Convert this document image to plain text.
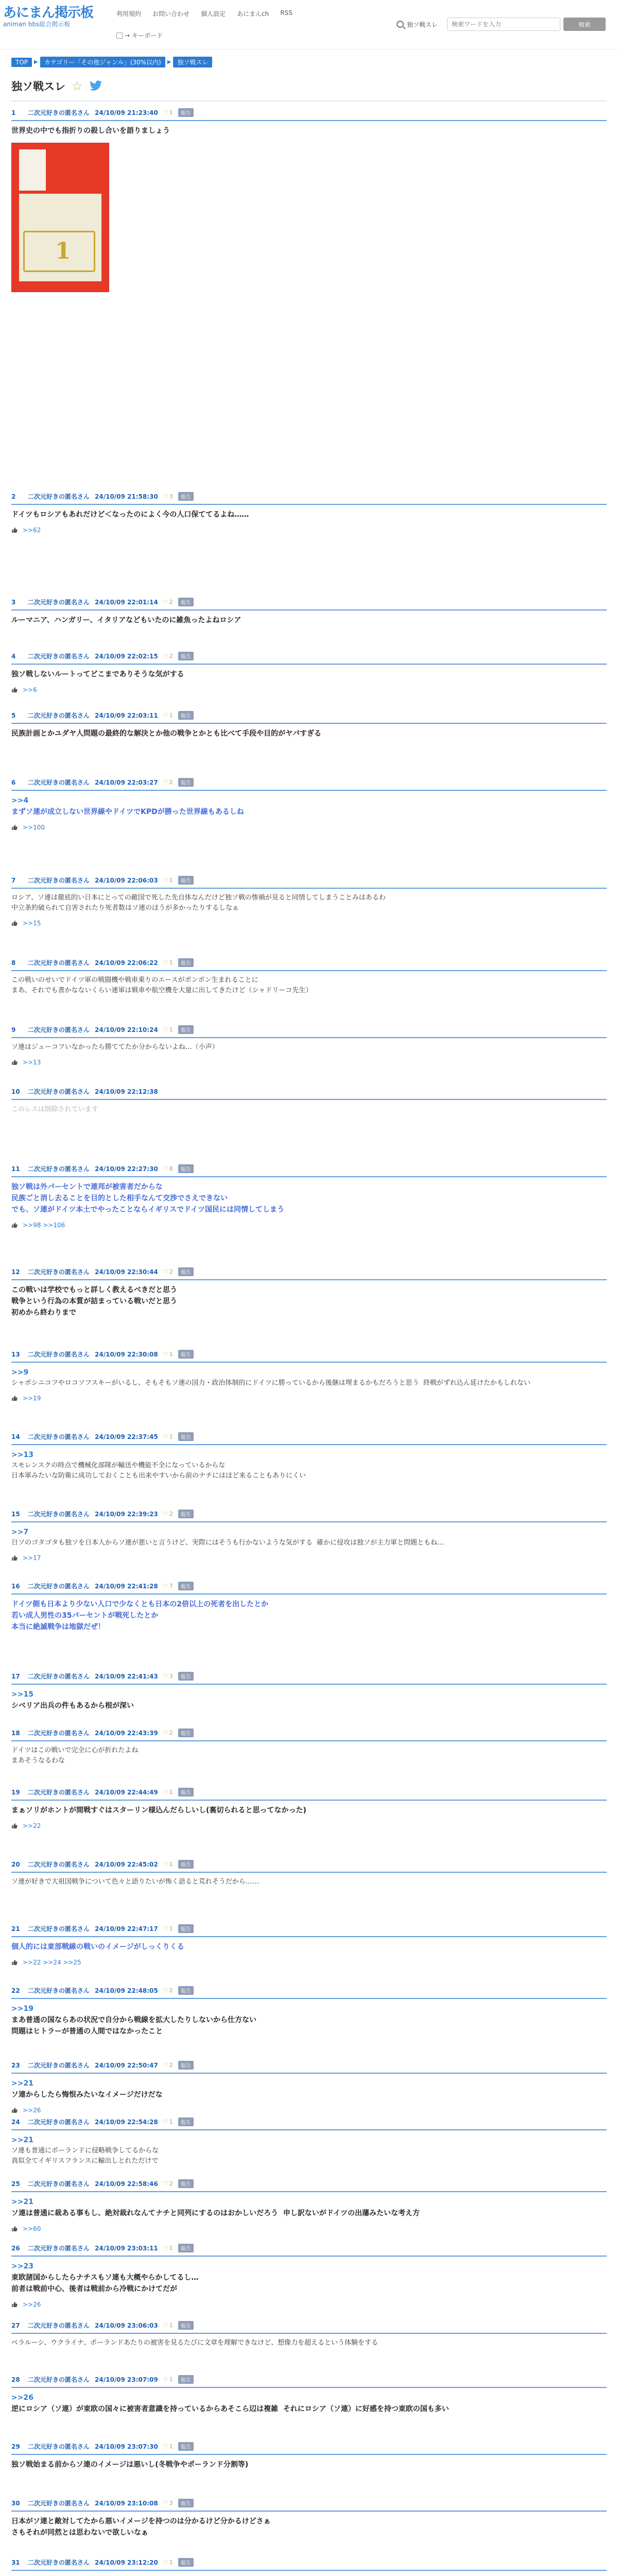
あにまん掲示板
animan bbs総合掲示板
利用規約 お問い合わせ 個人設定 あにまんch RSS
→ キーボード
独ソ戦スレ
検索ワードを入力	検索
TOP	▶	カテゴリー「その他ジャンル」(30%以内)	▶	独ソ戦スレ
独ソ戦スレ ☆
1	二次元好きの匿名さん 24/10/09 21:23:40 ♡ 1	報告
世界史の中でも指折りの殺し合いを語りましょう
1
2	二次元好きの匿名さん 24/10/09 21:58:30 ♡ 3	報告
ドイツもロシアもあれだけど＜なったのによく今の人口保ててるよね……
>>62
3	二次元好きの匿名さん 24/10/09 22:01:14 ♡ 2	報告
ルーマニア、ハンガリー、イタリアなどもいたのに雑魚ったよねロシア
4	二次元好きの匿名さん 24/10/09 22:02:15 ♡ 2	報告
独ソ戦しないルートってどこまでありそうな気がする
>>6
5	二次元好きの匿名さん 24/10/09 22:03:11 ♡ 1	報告
民族計画とかユダヤ人問題の最終的な解決とか他の戦争とかとも比べて手段や目的がヤバすぎる
6	二次元好きの匿名さん 24/10/09 22:03:27 ♡ 2	報告
>>4
まずソ連が成立しない世界線やドイツでKPDが勝った世界線もあるしね
>>100
7	二次元好きの匿名さん 24/10/09 22:06:03 ♡ 1	報告
ロシア、ソ連は徹底的い日本にとっての敵国で死した先自体なんだけど独ソ戦の惨禍が見ると同情してしまうことみはあるわ
中立条約破られて自害されたり死者数はソ連のほうが多かったりするしなぁ
>>15
8	二次元好きの匿名さん 24/10/09 22:06:22 ♡ 1	報告
この戦いのせいでドイツ軍の戦闘機や戦車乗りのエースがポンポン生まれることに
まあ、それでも書かなないくらい連軍は戦車や航空機を大量に出してきたけど（シャドリーコ先生）
9	二次元好きの匿名さん 24/10/09 22:10:24 ♡ 1	報告
ソ連はジューコフいなかったら勝ててたか分からないよね…（小声）
>>13
10	二次元好きの匿名さん 24/10/09 22:12:38
このレスは削除されています
11	二次元好きの匿名さん 24/10/09 22:27:30 ♡ 8	報告
独ソ戦は外パーセントで連邦が被害者だからな
民族ごと消し去ることを目的とした相手なんて交渉でさえできない
でも、ソ連がドイツ本土でやったことならイギリスでドイツ国民には同情してしまう
>>98 >>106
12	二次元好きの匿名さん 24/10/09 22:30:44 ♡ 2	報告
この戦いは学校でもっと詳しく教えるべきだと思う
戦争という行為の本質が詰まっている戦いだと思う
初めから終わりまで
13	二次元好きの匿名さん 24/10/09 22:30:08 ♡ 1	報告
>>9
シャポシニコフやロコソフスキーがいるし、そもそもソ連の国力・政治体制的にドイツに勝っているから後継は埋まるかもだろうと思う  終戦がずれ込ん延けたかもしれない
>>19
14	二次元好きの匿名さん 24/10/09 22:37:45 ♡ 1	報告
>>13
スモレンスクの時点で機械化部隊が輸送や機能不全になっているからな
日本軍みたいな防衛に成功しておくことも出来やすいから前のナチにはほど来ることもありにくい
15	二次元好きの匿名さん 24/10/09 22:39:23 ♡ 2	報告
>>7
日ソのゴタゴタも独ソを日本人からソ連が悪いと言うけど、実際にはそうも行かないような気がする  確かに侵攻は独ソが主力軍と問題ともね…
>>17
16	二次元好きの匿名さん 24/10/09 22:41:28 ♡ 7	報告
ドイツ側も日本より少ない人口で少なくとも日本の2倍以上の死者を出したとか
若い成人男性の35パーセントが戦死したとか
本当に絶滅戦争は地獄だぜ！
17	二次元好きの匿名さん 24/10/09 22:41:43 ♡ 3	報告
>>15
シベリア出兵の件もあるから根が深い
18	二次元好きの匿名さん 24/10/09 22:43:39 ♡ 2	報告
ドイツはこの戦いで完全に心が折れたよね
まあそうなるわな
19	二次元好きの匿名さん 24/10/09 22:44:49 ♡ 1	報告
まぁソリがホントが間戦すぐはスターリン様込んだらしいし(裏切られると思ってなかった)
>>22
20	二次元好きの匿名さん 24/10/09 22:45:02 ♡ 1	報告
ソ連が好きで大祖国戦争について色々と語りたいが怖く語ると荒れそうだから……
21	二次元好きの匿名さん 24/10/09 22:47:17 ♡ 1	報告
個人的には東部戦線の戦いのイメージがしっくりくる
>>22 >>24 >>25
22	二次元好きの匿名さん 24/10/09 22:48:05 ♡ 2	報告
>>19
まあ普通の国ならあの状況で自分から戦線を拡大したりしないから仕方ない
問題はヒトラーが普通の人間ではなかったこと
23	二次元好きの匿名さん 24/10/09 22:50:47 ♡ 2	報告
>>21
ソ連からしたら悔恨みたいなイメージだけだな
>>26
24	二次元好きの匿名さん 24/10/09 22:54:28 ♡ 1	報告
>>21
ソ連も普通にポーランドに侵略戦争してるからな
真似全てイギリスフランスに輸出しとれただけで
25	二次元好きの匿名さん 24/10/09 22:58:46 ♡ 2	報告
>>21
ソ連は普通に裁ある事もし、絶対裁れなんてナチと同列にするのはおかしいだろう  申し訳ないがドイツの出藩みたいな考え方
>>60
26	二次元好きの匿名さん 24/10/09 23:03:11 ♡ 1	報告
>>23
東欧諸国からしたらナチスもソ連も大概やらかしてるし…
前者は戦前中心、後者は戦前から冷戦にかけてだが
>>26
27	二次元好きの匿名さん 24/10/09 23:06:03 ♡ 1	報告
ベラルーシ、ウクライナ、ポーランドあたりの被害を見るたびに文章を理解できなけど、想像力を超えるという体験をする
28	二次元好きの匿名さん 24/10/09 23:07:09 ♡ 1	報告
>>26
逆にロシア（ソ連）が東欧の国々に被害者意識を持っているからあそこら辺は複雑  それにロシア（ソ連）に好感を持つ東欧の国も多い
29	二次元好きの匿名さん 24/10/09 23:07:30 ♡ 1	報告
独ソ戦始まる前からソ連のイメージは悪いし(冬戦争やポーランド分割等)
30	二次元好きの匿名さん 24/10/09 23:10:08 ♡ 3	報告
日本がソ連と敵対してたから悪いイメージを持つのは分かるけど分かるけどさぁ
さもそれが同然とは思わないで欲しいなぁ
31	二次元好きの匿名さん 24/10/09 23:12:20 ♡ 1	報告
